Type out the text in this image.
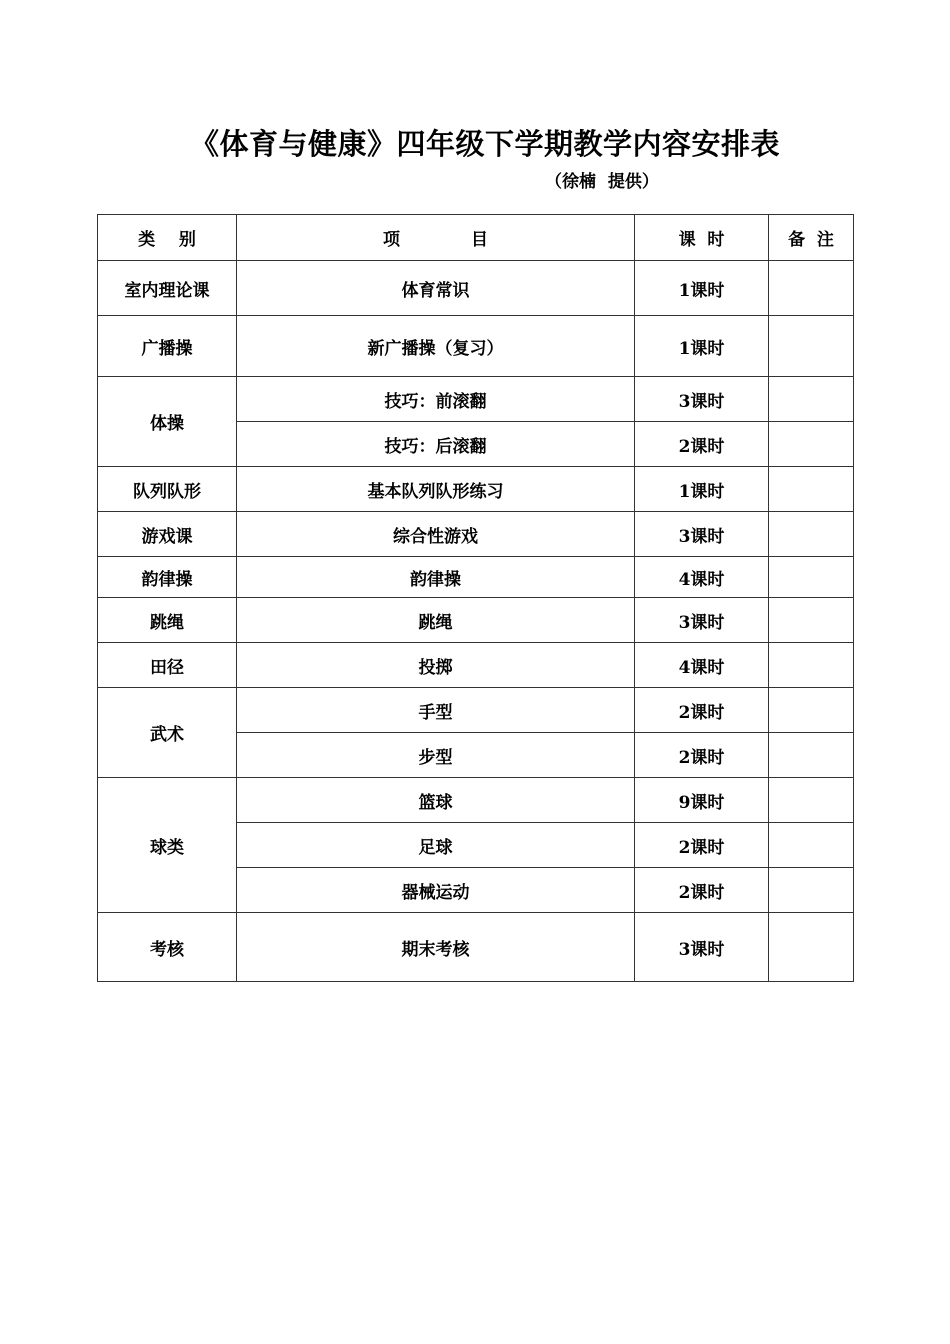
《体育与健康》四年级下学期教学内容安排表
（徐楠  提供）
类    别	项            目	课  时	备  注
室内理论课	体育常识	1课时	
广播操	新广播操（复习）	1课时	
体操	技巧：前滚翻	3课时	
	技巧：后滚翻	2课时	
队列队形	基本队列队形练习	1课时	
游戏课	综合性游戏	3课时	
韵律操	韵律操	4课时	
跳绳	跳绳	3课时	
田径	投掷	4课时	
武术	手型	2课时	
	步型	2课时	
球类	篮球	9课时	
	足球	2课时	
	器械运动	2课时	
考核	期末考核	3课时	
